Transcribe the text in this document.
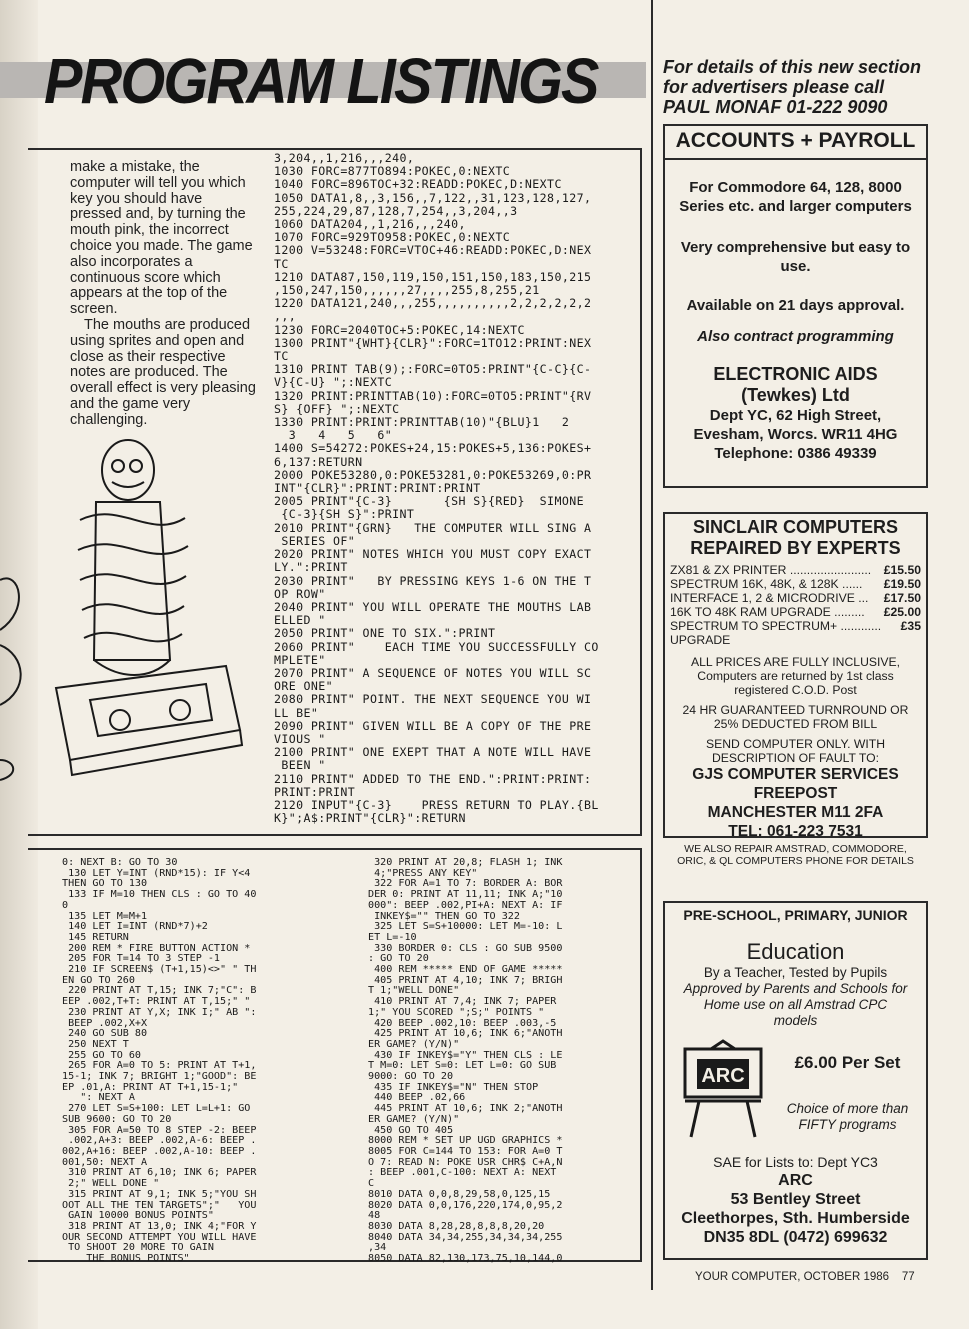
PROGRAM LISTINGS	For details of this new section
for advertisers please call
PAUL MONAF 01-222 9090

make a mistake, the computer will tell you which key you should have pressed and, by turning the mouth pink, the incorrect choice you made. The game also incorporates a continuous score which appears at the top of the screen.

The mouths are produced using sprites and open and close as their respective notes are produced. The overall effect is very pleasing and the game very challenging.

3,204,,1,216,,,240,
1030 FORC=877TO894:POKEC,0:NEXTC
1040 FORC=896TOC+32:READD:POKEC,D:NEXTC
1050 DATA1,8,,3,156,,7,122,,31,123,128,127,
255,224,29,87,128,7,254,,3,204,,3
1060 DATA204,,1,216,,,240,
1070 FORC=929TO958:POKEC,0:NEXTC
1200 V=53248:FORC=VTOC+46:READD:POKEC,D:NEX
TC
1210 DATA87,150,119,150,151,150,183,150,215
,150,247,150,,,,,,27,,,,255,8,255,21
1220 DATA121,240,,,255,,,,,,,,,,2,2,2,2,2,2
,,,
1230 FORC=2040TOC+5:POKEC,14:NEXTC
1300 PRINT"{WHT}{CLR}":FORC=1TO12:PRINT:NEX
TC
1310 PRINT TAB(9);:FORC=0TO5:PRINT"{C-C}{C-
V}{C-U} ";:NEXTC
1320 PRINT:PRINTTAB(10):FORC=0TO5:PRINT"{RV
S} {OFF} ";:NEXTC
1330 PRINT:PRINT:PRINTTAB(10)"{BLU}1   2
3   4   5   6"
1400 S=54272:POKES+24,15:POKES+5,136:POKES+
6,137:RETURN
2000 POKE53280,0:POKE53281,0:POKE53269,0:PR
INT"{CLR}":PRINT:PRINT:PRINT
2005 PRINT"{C-3}       {SH S}{RED}  SIMONE
{C-3}{SH S}":PRINT
2010 PRINT"{GRN}   THE COMPUTER WILL SING A
SERIES OF"
2020 PRINT" NOTES WHICH YOU MUST COPY EXACT
LY.":PRINT
2030 PRINT"   BY PRESSING KEYS 1-6 ON THE T
OP ROW"
2040 PRINT" YOU WILL OPERATE THE MOUTHS LAB
ELLED "
2050 PRINT" ONE TO SIX.":PRINT
2060 PRINT"    EACH TIME YOU SUCCESSFULLY CO
MPLETE"
2070 PRINT" A SEQUENCE OF NOTES YOU WILL SC
ORE ONE"
2080 PRINT" POINT. THE NEXT SEQUENCE YOU WI
LL BE"
2090 PRINT" GIVEN WILL BE A COPY OF THE PRE
VIOUS "
2100 PRINT" ONE EXEPT THAT A NOTE WILL HAVE
BEEN "
2110 PRINT" ADDED TO THE END.":PRINT:PRINT:
PRINT:PRINT
2120 INPUT"{C-3}    PRESS RETURN TO PLAY.{BL
K}";A$:PRINT"{CLR}":RETURN
0: NEXT B: GO TO 30
130 LET Y=INT (RND*15): IF Y<4
THEN GO TO 130
133 IF M=10 THEN CLS : GO TO 40
0
135 LET M=M+1
140 LET I=INT (RND*7)+2
145 RETURN
200 REM * FIRE BUTTON ACTION *
205 FOR T=14 TO 3 STEP -1
210 IF SCREEN$ (T+1,15)<>" " TH
EN GO TO 260
220 PRINT AT T,15; INK 7;"C": B
EEP .002,T+T: PRINT AT T,15;" "
230 PRINT AT Y,X; INK I;" AB ":
BEEP .002,X+X
240 GO SUB 80
250 NEXT T
255 GO TO 60
265 FOR A=0 TO 5: PRINT AT T+1,
15-1; INK 7; BRIGHT 1;"GOOD": BE
EP .01,A: PRINT AT T+1,15-1;"
": NEXT A
270 LET S=S+100: LET L=L+1: GO
SUB 9600: GO TO 20
305 FOR A=50 TO 8 STEP -2: BEEP
.002,A+3: BEEP .002,A-6: BEEP .
002,A+16: BEEP .002,A-10: BEEP .
001,50: NEXT A
310 PRINT AT 6,10; INK 6; PAPER
2;" WELL DONE "
315 PRINT AT 9,1; INK 5;"YOU SH
OOT ALL THE TEN TARGETS";"   YOU
GAIN 10000 BONUS POINTS"
318 PRINT AT 13,0; INK 4;"FOR Y
OUR SECOND ATTEMPT YOU WILL HAVE
TO SHOOT 20 MORE TO GAIN
THE BONUS POINTS"
320 PRINT AT 20,8; FLASH 1; INK
4;"PRESS ANY KEY"
322 FOR A=1 TO 7: BORDER A: BOR
DER 0: PRINT AT 11,11; INK A;"10
000": BEEP .002,PI+A: NEXT A: IF
INKEY$="" THEN GO TO 322
325 LET S=S+10000: LET M=-10: L
ET L=-10
330 BORDER 0: CLS : GO SUB 9500
: GO TO 20
400 REM ***** END OF GAME *****
405 PRINT AT 4,10; INK 7; BRIGH
T 1;"WELL DONE"
410 PRINT AT 7,4; INK 7; PAPER
1;" YOU SCORED ";S;" POINTS "
420 BEEP .002,10: BEEP .003,-5
425 PRINT AT 10,6; INK 6;"ANOTH
ER GAME? (Y/N)"
430 IF INKEY$="Y" THEN CLS : LE
T M=0: LET S=0: LET L=0: GO SUB
9000: GO TO 20
435 IF INKEY$="N" THEN STOP
440 BEEP .02,66
445 PRINT AT 10,6; INK 2;"ANOTH
ER GAME? (Y/N)"
450 GO TO 405
8000 REM * SET UP UGD GRAPHICS *
8005 FOR C=144 TO 153: FOR A=0 T
O 7: READ N: POKE USR CHR$ C+A,N
: BEEP .001,C-100: NEXT A: NEXT
C
8010 DATA 0,0,8,29,58,0,125,15
8020 DATA 0,0,176,220,174,0,95,2
48
8030 DATA 8,28,28,8,8,8,20,20
8040 DATA 34,34,255,34,34,34,255
,34
8050 DATA 82,130,173,75,10,144,0
ACCOUNTS + PAYROLL
For Commodore 64, 128, 8000 Series etc. and larger computers
Very comprehensive but easy to use.
Available on 21 days approval.
Also contract programming
ELECTRONIC AIDS
(Tewkes) Ltd
Dept YC, 62 High Street,
Evesham, Worcs. WR11 4HG
Telephone: 0386 49339
SINCLAIR COMPUTERS
REPAIRED BY EXPERTS
ZX81 & ZX PRINTER ........................ £15.50
SPECTRUM 16K, 48K, & 128K ...... £19.50
INTERFACE 1, 2 & MICRODRIVE ... £17.50
16K TO 48K RAM UPGRADE ......... £25.00
SPECTRUM TO SPECTRUM+ ............ £35
UPGRADE
ALL PRICES ARE FULLY INCLUSIVE, Computers are returned by 1st class registered C.O.D. Post
24 HR GUARANTEED TURNROUND OR 25% DEDUCTED FROM BILL
SEND COMPUTER ONLY. WITH DESCRIPTION OF FAULT TO:
GJS COMPUTER SERVICES
FREEPOST
MANCHESTER M11 2FA
TEL: 061-223 7531
WE ALSO REPAIR AMSTRAD, COMMODORE, ORIC, & QL COMPUTERS PHONE FOR DETAILS
PRE-SCHOOL, PRIMARY, JUNIOR
Education
By a Teacher, Tested by Pupils
Approved by Parents and Schools for Home use on all Amstrad CPC models
ARC
£6.00 Per Set
Choice of more than FIFTY programs
SAE for Lists to: Dept YC3
ARC
53 Bentley Street
Cleethorpes, Sth. Humberside
DN35 8DL (0472) 699632
YOUR COMPUTER, OCTOBER 1986 77
